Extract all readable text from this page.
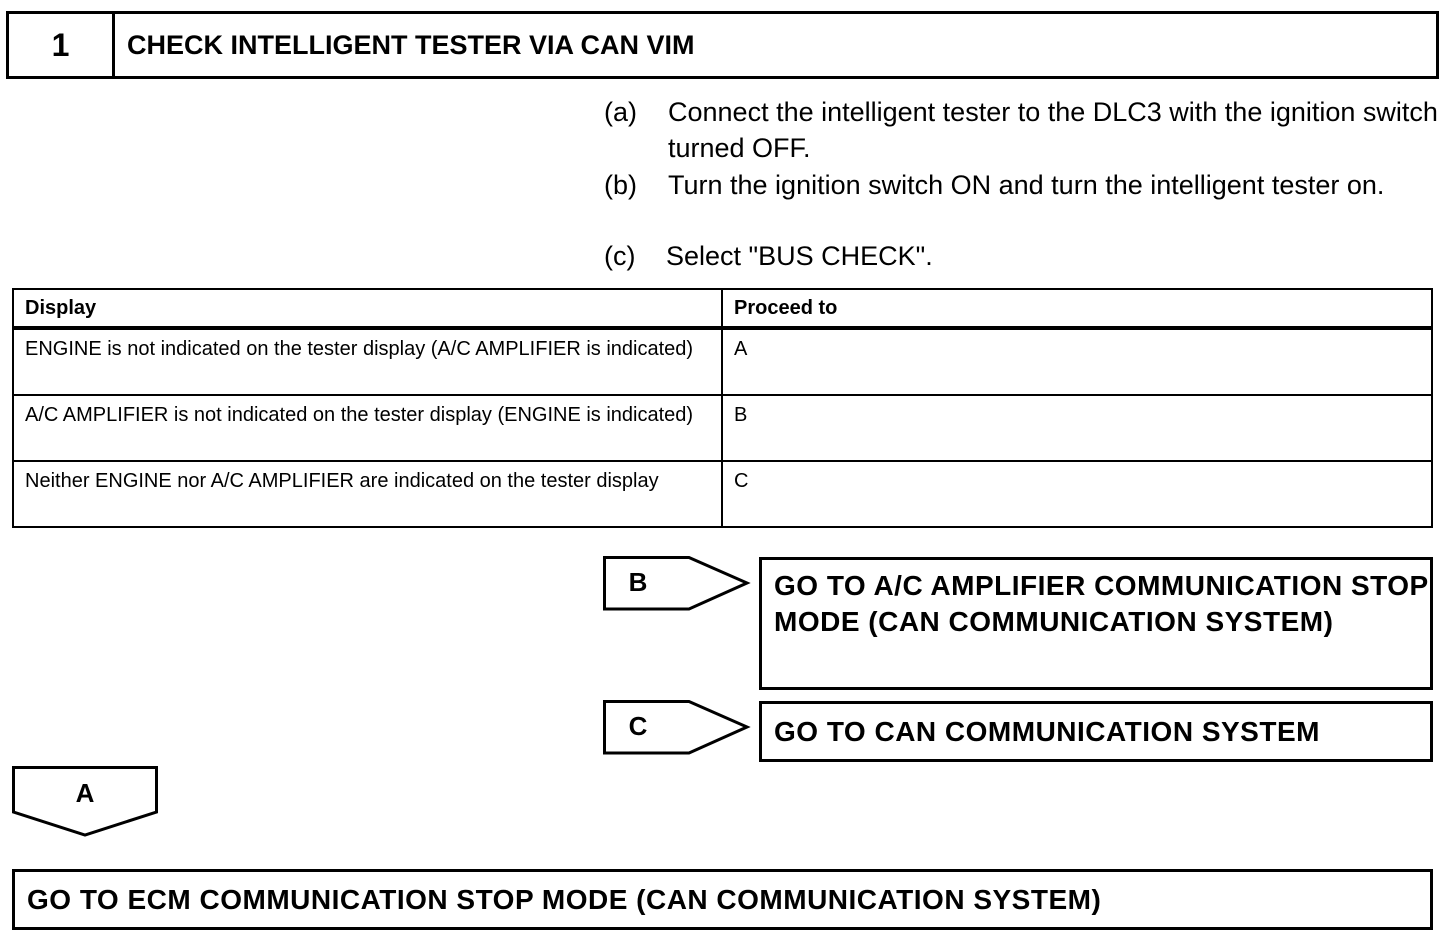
1	CHECK INTELLIGENT TESTER VIA CAN VIM
(a) Connect the intelligent tester to the DLC3 with the ignition switch turned OFF.
(b) Turn the ignition switch ON and turn the intelligent tester on.
(c) Select "BUS CHECK".
Display	Proceed to
ENGINE is not indicated on the tester display (A/C AMPLIFIER is indicated)	A
A/C AMPLIFIER is not indicated on the tester display (ENGINE is indicated)	B
Neither ENGINE nor A/C AMPLIFIER are indicated on the tester display	C
B	GO TO A/C AMPLIFIER COMMUNICATION STOP MODE (CAN COMMUNICATION SYSTEM)
C	GO TO CAN COMMUNICATION SYSTEM
A
GO TO ECM COMMUNICATION STOP MODE (CAN COMMUNICATION SYSTEM)
